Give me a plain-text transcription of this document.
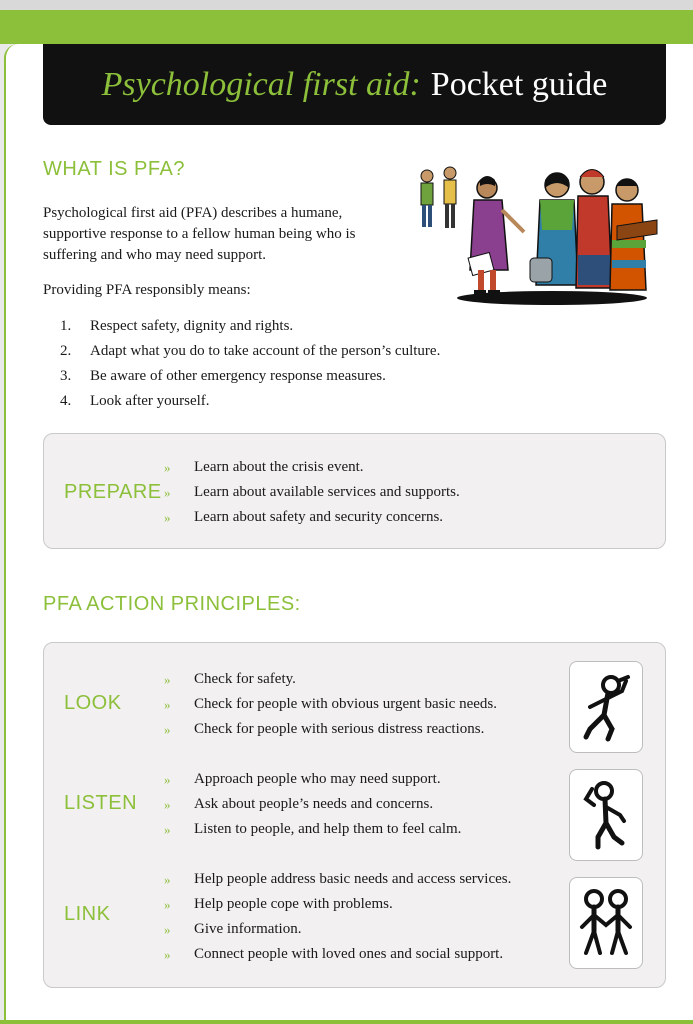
Psychological first aid: Pocket guide
WHAT IS PFA?
Psychological first aid (PFA) describes a humane, supportive response to a fellow human being who is suffering and who may need support.
Providing PFA responsibly means:
1.	Respect safety, dignity and rights.
2.	Adapt what you do to take account of the person’s culture.
3.	Be aware of other emergency response measures.
4.	Look after yourself.
PREPARE
»	Learn about the crisis event.
»	Learn about available services and supports.
»	Learn about safety and security concerns.
PFA ACTION PRINCIPLES:
LOOK
»	Check for safety.
»	Check for people with obvious urgent basic needs.
»	Check for people with serious distress reactions.
LISTEN
»	Approach people who may need support.
»	Ask about people’s needs and concerns.
»	Listen to people, and help them to feel calm.
LINK
»	Help people address basic needs and access services.
»	Help people cope with problems.
»	Give information.
»	Connect people with loved ones and social support.
